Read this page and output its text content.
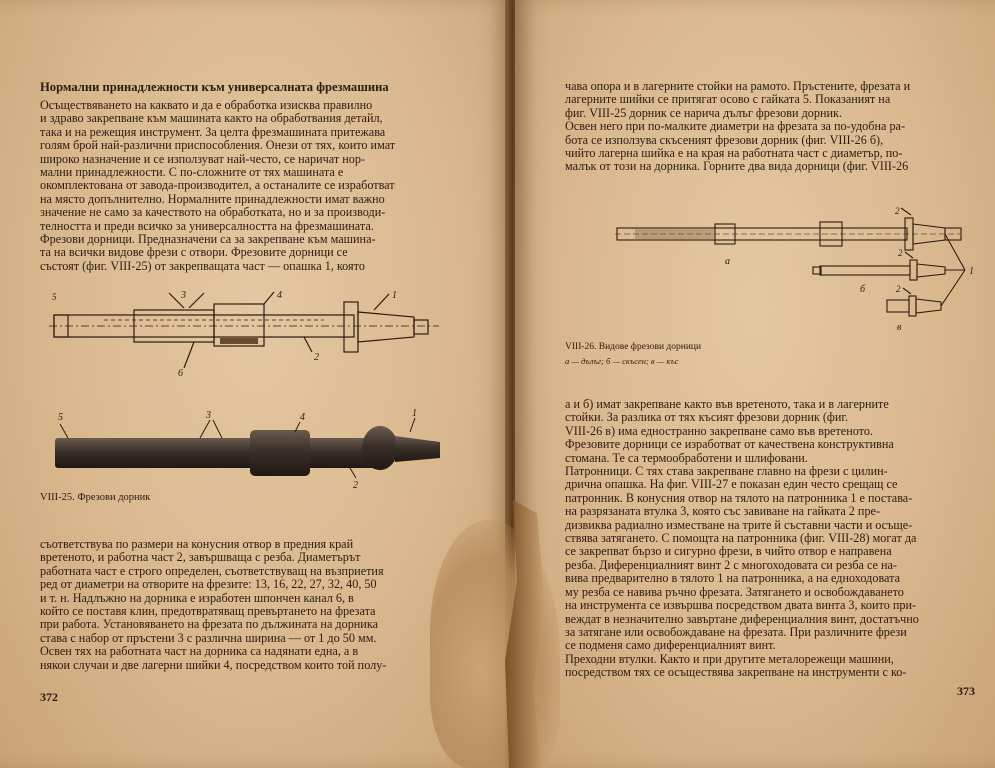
Нормални принадлежности към универсалната фрезмашина
Осъществяването на каквато и да е обработка изисква правилно
и здраво закрепване към машината както на обработвания детайл,
така и на режещия инструмент. За целта фрезмашината притежава
голям брой най-различни приспособления. Онези от тях, които имат
широко назначение и се използуват най-често, се наричат нор-
мални принадлежности. С по-сложните от тях машината е
окомплектована от завода-производител, а останалите се изработват
на място допълнително. Нормалните принадлежности имат важно
значение не само за качеството на обработката, но и за производи-
телността и преди всичко за универсалността на фрезмашината.
Фрезови дорници. Предназначени са за закрепване към машина-
та на всички видове фрези с отвори. Фрезовите дорници се
състоят (фиг. VIII-25) от закрепващата част — опашка 1, която
5	3	4	1
2
6
5	3	4	1
2
VIII-25. Фрезови дорник
съответствува по размери на конусния отвор в предния край
вретеното, и работна част 2, завършваща с резба. Диаметърът
работната част е строго определен, съответствуващ на възприетия
ред от диаметри на отворите на фрезите: 13, 16, 22, 27, 32, 40, 50
и т. н. Надлъжно на дорника е изработен шпончен канал 6, в
който се поставя клин, предотвратяващ превъртането на фрезата
при работа. Установяването на фрезата по дължината на дорника
става с набор от пръстени 3 с различна ширина — от 1 до 50 мм.
Освен тях на работната част на дорника са надянати една, а в
някои случаи и две лагерни шийки 4, посредством които той полу-
372
чава опора и в лагерните стойки на рамото. Пръстените, фрезата и
лагерните шийки се притягат осово с гайката 5. Показаният на
фиг. VIII-25 дорник се нарича дълъг фрезови дорник.
Освен него при по-малките диаметри на фрезата за по-удобна ра-
бота се използува скъсеният фрезови дорник (фиг. VIII-26 б),
чийто лагерна шийка е на края на работната част с диаметър, по-
малък от този на дорника. Горните два вида дорници (фиг. VIII-26
а
б
в
1
2
2
2
VIII-26. Видове фрезови дорници
а — дълъг; б — скъсен; в — къс
а и б) имат закрепване както във вретеното, така и в лагерните
стойки. За разлика от тях късият фрезови дорник (фиг.
VIII-26 в) има едностранно закрепване само във вретеното.
Фрезовите дорници се изработват от качествена конструктивна
стомана. Те са термообработени и шлифовани.
Патронници. С тях става закрепване главно на фрези с цилин-
дрична опашка. На фиг. VIII-27 е показан един често срещащ се
патронник. В конусния отвор на тялото на патронника 1 е постава-
на разрязаната втулка 3, която със завиване на гайката 2 пре-
дизвиква радиално изместване на трите й съставни части и осъще-
ствява затягането. С помощта на патронника (фиг. VIII-28) могат да
се закрепват бързо и сигурно фрези, в чийто отвор е направена
резба. Диференциалният винт 2 с многоходовата си резба се на-
вива предварително в тялото 1 на патронника, а на едноходовата
му резба се навива ръчно фрезата. Затягането и освобождаването
на инструмента се извършва посредством двата винта 3, които при-
веждат в незначително завъртане диференциалния винт, достатъчно
за затягане или освобождаване на фрезата. При различните фрези
се подменя само диференциалният винт.
Преходни втулки. Както и при другите металорежещи машини,
посредством тях се осъществява закрепване на инструменти с ко-
373
